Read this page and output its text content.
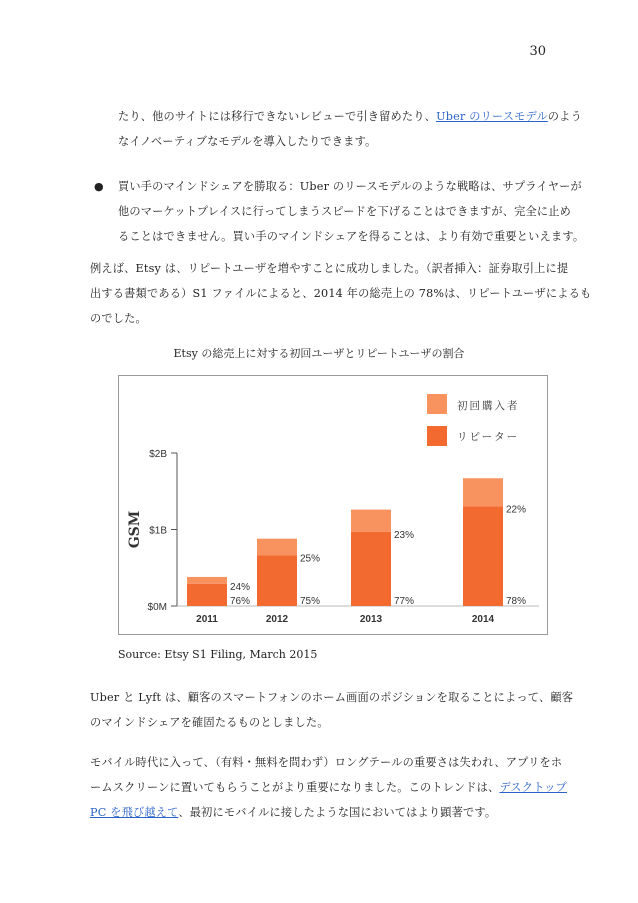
30
たり、他のサイトには移行できないレビューで引き留めたり、Uber のリースモデルのよう
なイノベーティブなモデルを導入したりできます。
● 買い手のマインドシェアを勝取る：Uber のリースモデルのような戦略は、サプライヤーが
他のマーケットプレイスに行ってしまうスピードを下げることはできますが、完全に止め
ることはできません。買い手のマインドシェアを得ることは、より有効で重要といえます。
例えば、Etsy は、リピートユーザを増やすことに成功しました。（訳者挿入：証券取引上に提
出する書類である）S1 ファイルによると、2014 年の総売上の 78%は、リピートユーザによるも
のでした。
Etsy の総売上に対する初回ユーザとリピートユーザの割合
GSM
$0M
$1B
$2B
76%
24%
2011
75%
25%
2012
77%
23%
2013
78%
22%
2014
初回購入者
リピーター
Source: Etsy S1 Filing, March 2015
Uber と Lyft は、顧客のスマートフォンのホーム画面のポジションを取ることによって、顧客
のマインドシェアを確固たるものとしました。
モバイル時代に入って、（有料・無料を問わず）ロングテールの重要さは失われ、アプリをホ
ームスクリーンに置いてもらうことがより重要になりました。このトレンドは、デスクトップ
PC を飛び越えて、最初にモバイルに接したような国においてはより顕著です。
